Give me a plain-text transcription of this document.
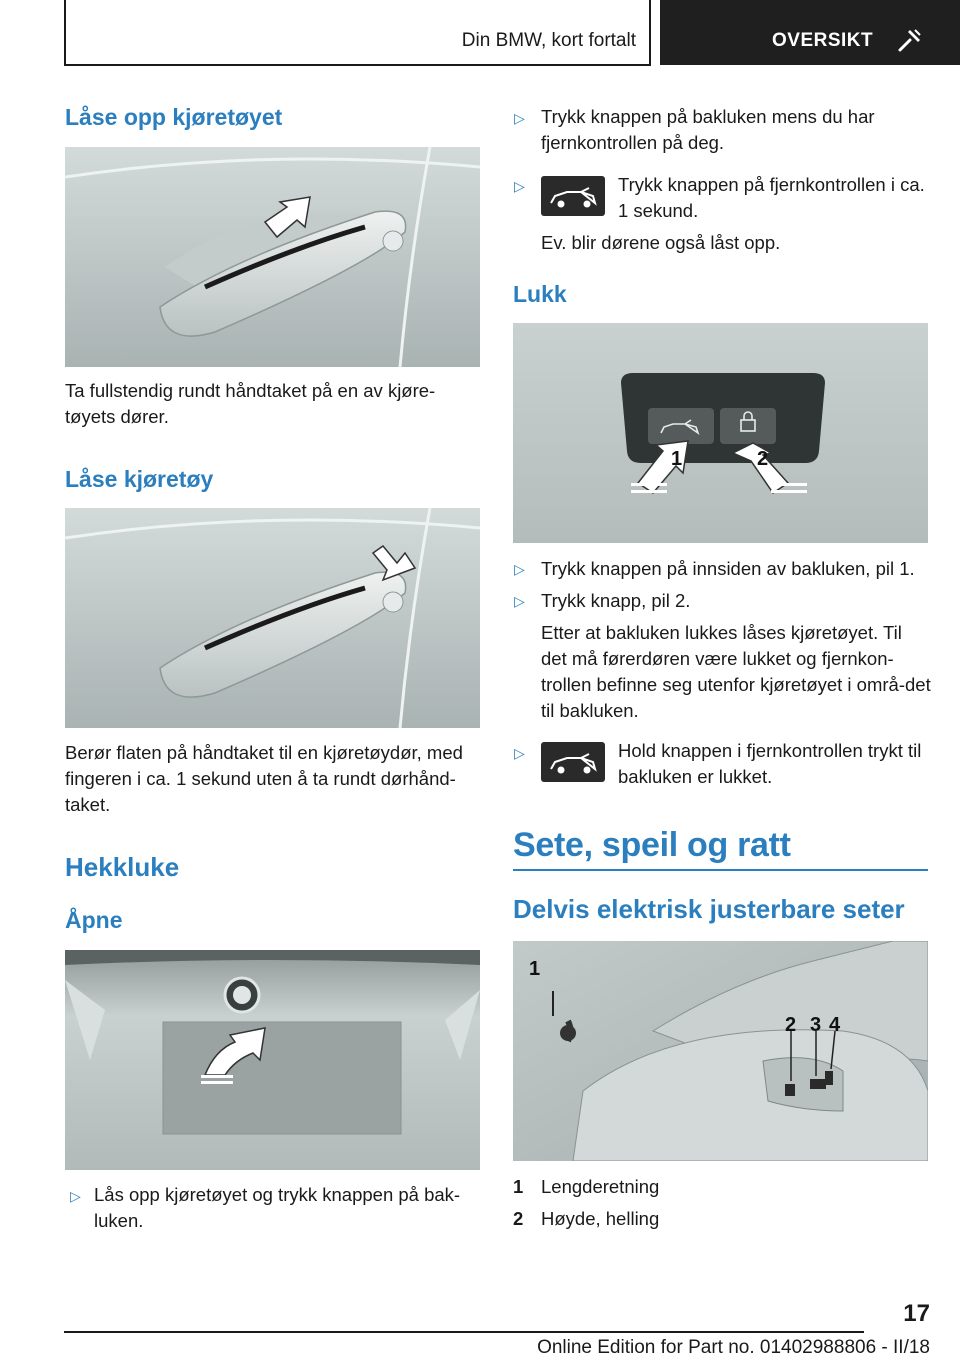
Din BMW, kort fortalt	OVERSIKT
Låse opp kjøretøyet

Ta fullstendig rundt håndtaket på en av kjøre-tøyets dører.

Låse kjøretøy

Berør flaten på håndtaket til en kjøretøydør, med fingeren i ca. 1 sekund uten å ta rundt dørhånd-taket.

Hekkluke
Åpne
▷ Lås opp kjøretøyet og trykk knappen på bak-luken.

▷ Trykk knappen på bakluken mens du har fjernkontrollen på deg.

▷	Trykk knappen på fjernkontrollen i ca. 1 sekund.

Ev. blir dørene også låst opp.

Lukk
1	2
▷ Trykk knappen på innsiden av bakluken, pil 1.

▷ Trykk knapp, pil 2.

Etter at bakluken lukkes låses kjøretøyet. Til det må førerdøren være lukket og fjernkon-trollen befinne seg utenfor kjøretøyet i områ-det til bakluken.

▷	Hold knappen i fjernkontrollen trykt til bakluken er lukket.

Sete, speil og ratt
Delvis elektrisk justerbare seter
1
2 3 4
1 Lengderetning

2 Høyde, helling

17
Online Edition for Part no. 01402988806 - II/18
